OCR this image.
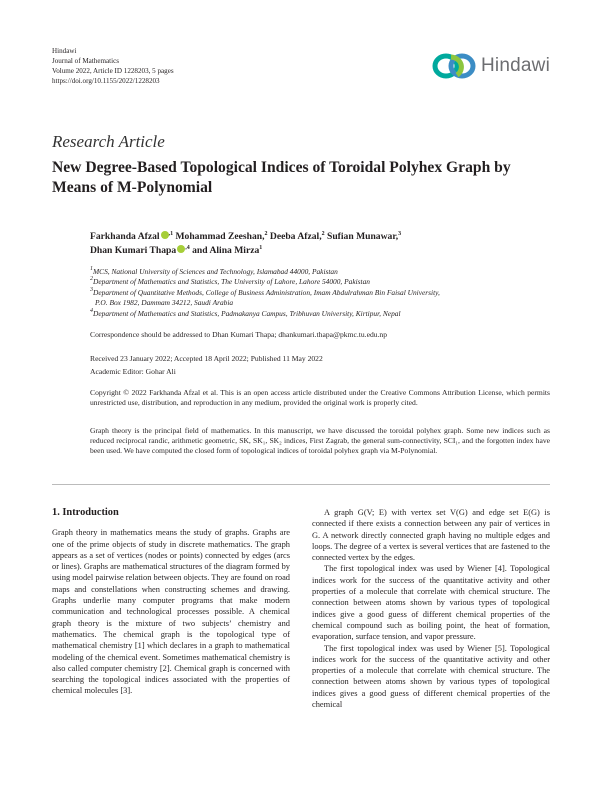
Hindawi
Journal of Mathematics
Volume 2022, Article ID 1228203, 5 pages
https://doi.org/10.1155/2022/1228203
Hindawi
Research Article
New Degree-Based Topological Indices of Toroidal Polyhex Graph by Means of M-Polynomial
Farkhanda Afzal $^{,1}$ Mohammad Zeeshan,$^2$ Deeba Afzal,$^2$ Sufian Munawar,$^3$
Dhan Kumari Thapa $^{,4}$ and Alina Mirza$^1$
$^1$MCS, National University of Sciences and Technology, Islamabad 44000, Pakistan
$^2$Department of Mathematics and Statistics, The University of Lahore, Lahore 54000, Pakistan
$^3$Department of Quantitative Methods, College of Business Administration, Imam Abdulrahman Bin Faisal University,
P.O. Box 1982, Dammam 34212, Saudi Arabia
$^4$Department of Mathematics and Statistics, Padmakanya Campus, Tribhuvan University, Kirtipur, Nepal
Correspondence should be addressed to Dhan Kumari Thapa; dhankumari.thapa@pkmc.tu.edu.np
Received 23 January 2022; Accepted 18 April 2022; Published 11 May 2022
Academic Editor: Gohar Ali
Copyright © 2022 Farkhanda Afzal et al. This is an open access article distributed under the Creative Commons Attribution License, which permits unrestricted use, distribution, and reproduction in any medium, provided the original work is properly cited.
Graph theory is the principal field of mathematics. In this manuscript, we have discussed the toroidal polyhex graph. Some new indices such as reduced reciprocal randic, arithmetic geometric, SK, SK₁, SK₂ indices, First Zagrab, the general sum-connectivity, SCI₁, and the forgotten index have been used. We have computed the closed form of topological indices of toroidal polyhex graph via M-Polynomial.
1. Introduction

Graph theory in mathematics means the study of graphs. Graphs are one of the prime objects of study in discrete mathematics. The graph appears as a set of vertices (nodes or points) connected by edges (arcs or lines). Graphs are mathematical structures of the diagram formed by using model pairwise relation between objects. They are found on road maps and constellations when constructing schemes and drawing. Graphs underlie many computer programs that make modern communication and technological processes possible. A chemical graph theory is the mixture of two subjects’ chemistry and mathematics. The chemical graph is the topological type of mathematical chemistry [1] which declares in a graph to mathematical modeling of the chemical event. Sometimes mathematical chemistry is also called computer chemistry [2]. Chemical graph is concerned with searching the topological indices associated with the properties of chemical molecules [3].

A graph G(V; E) with vertex set V(G) and edge set E(G) is connected if there exists a connection between any pair of vertices in G. A network directly connected graph having no multiple edges and loops. The degree of a vertex is several vertices that are fastened to the connected vertex by the edges.

The first topological index was used by Wiener [4]. Topological indices work for the success of the quantitative activity and other properties of a molecule that correlate with chemical structure. The connection between atoms shown by various types of topological indices give a good guess of different chemical properties of the chemical compound such as boiling point, the heat of formation, evaporation, surface tension, and vapor pressure.

The first topological index was used by Wiener [5]. Topological indices work for the success of the quantitative activity and other properties of a molecule that correlate with chemical structure. The connection between atoms shown by various types of topological indices gives a good guess of different chemical properties of the chemical
